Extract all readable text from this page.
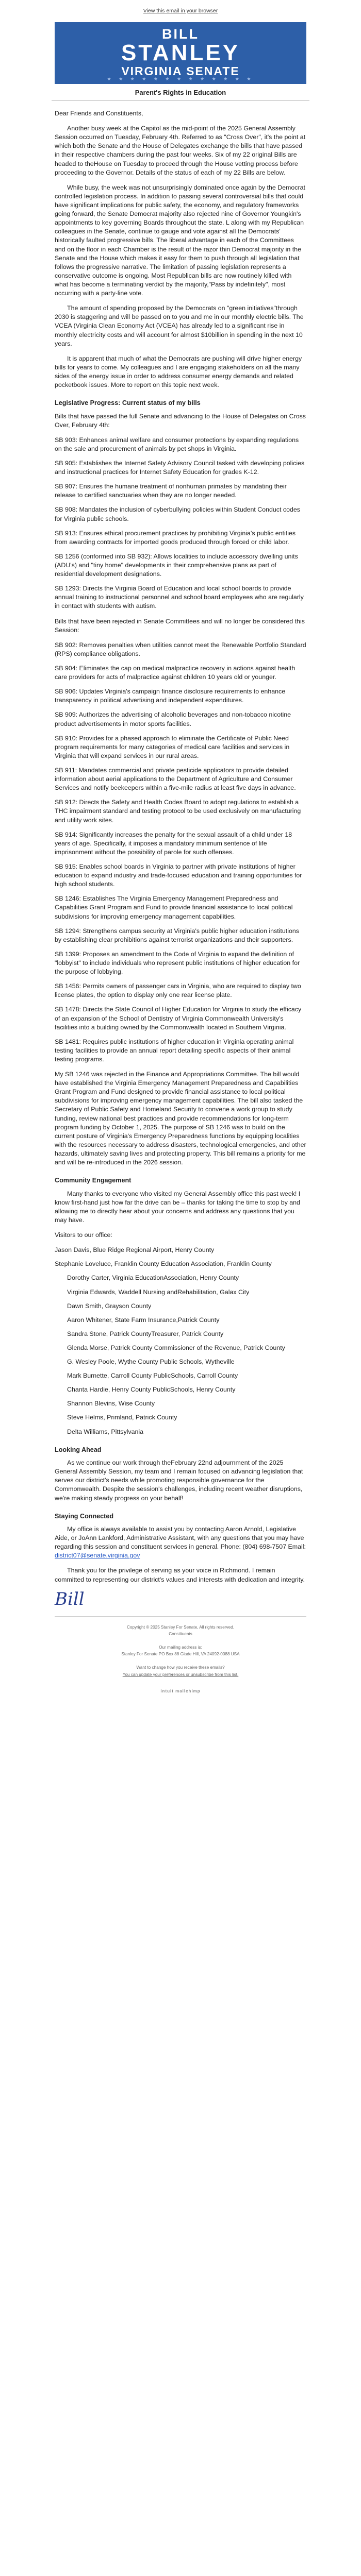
View this email in your browser
BILL
STANLEY
VIRGINIA SENATE
★ ★ ★ ★ ★ ★ ★ ★ ★ ★ ★ ★ ★
Parent's Rights in Education

Dear Friends and Constituents,

Another busy week at the Capitol as the mid-point of the 2025 General Assembly Session occurred on Tuesday, February 4th. Referred to as "Cross Over", it's the point at which both the Senate and the House of Delegates exchange the bills that have passed in their respective chambers during the past four weeks. Six of my 22 original Bills are headed to theHouse on Tuesday to proceed through the House vetting process before proceeding to the Governor. Details of the status of each of my 22 Bills are below.

While busy, the week was not unsurprisingly dominated once again by the Democrat controlled legislation process. In addition to passing several controversial bills that could have significant implications for public safety, the economy, and regulatory frameworks going forward, the Senate Democrat majority also rejected nine of Governor Youngkin's appointments to key governing Boards throughout the state. L along with my Republican colleagues in the Senate, continue to gauge and vote against all the Democrats' historically faulted progressive bills. The liberal advantage in each of the Committees and on the floor in each Chamber is the result of the razor thin Democrat majority in the Senate and the House which makes it easy for them to push through all legislation that follows the progressive narrative. The limitation of passing legislation represents a conservative outcome is ongoing. Most Republican bills are now routinely killed with what has become a terminating verdict by the majority,"Pass by indefinitely", most occurring with a party-line vote.

The amount of spending proposed by the Democrats on "green initiatives"through 2030 is staggering and will be passed on to you and me in our monthly electric bills. The VCEA (Virginia Clean Economy Act (VCEA) has already led to a significant rise in monthly electricity costs and will account for almost $10billion in spending in the next 10 years.

It is apparent that much of what the Democrats are pushing will drive higher energy bills for years to come. My colleagues and I are engaging stakeholders on all the many sides of the energy issue in order to address consumer energy demands and related pocketbook issues. More to report on this topic next week.

Legislative Progress: Current status of my bills

Bills that have passed the full Senate and advancing to the House of Delegates on Cross Over, February 4th:

SB 903: Enhances animal welfare and consumer protections by expanding regulations on the sale and procurement of animals by pet shops in Virginia.

SB 905: Establishes the Internet Safety Advisory Council tasked with developing policies and instructional practices for Internet Safety Education for grades K-12.

SB 907: Ensures the humane treatment of nonhuman primates by mandating their release to certified sanctuaries when they are no longer needed.

SB 908: Mandates the inclusion of cyberbullying policies within Student Conduct codes for Virginia public schools.

SB 913: Ensures ethical procurement practices by prohibiting Virginia's public entities from awarding contracts for imported goods produced through forced or child labor.

SB 1256 (conformed into SB 932): Allows localities to include accessory dwelling units (ADU's) and "tiny home" developments in their comprehensive plans as part of residential development designations.

SB 1293: Directs the Virginia Board of Education and local school boards to provide annual training to instructional personnel and school board employees who are regularly in contact with students with autism.

Bills that have been rejected in Senate Committees and will no longer be considered this Session:

SB 902: Removes penalties when utilities cannot meet the Renewable Portfolio Standard (RPS) compliance obligations.

SB 904: Eliminates the cap on medical malpractice recovery in actions against health care providers for acts of malpractice against children 10 years old or younger.

SB 906: Updates Virginia's campaign finance disclosure requirements to enhance transparency in political advertising and independent expenditures.

SB 909: Authorizes the advertising of alcoholic beverages and non-tobacco nicotine product advertisements in motor sports facilities.

SB 910: Provides for a phased approach to eliminate the Certificate of Public Need program requirements for many categories of medical care facilities and services in Virginia that will expand services in our rural areas.

SB 911: Mandates commercial and private pesticide applicators to provide detailed information about aerial applications to the Department of Agriculture and Consumer Services and notify beekeepers within a five-mile radius at least five days in advance.

SB 912: Directs the Safety and Health Codes Board to adopt regulations to establish a THC impairment standard and testing protocol to be used exclusively on manufacturing and utility work sites.

SB 914: Significantly increases the penalty for the sexual assault of a child under 18 years of age. Specifically, it imposes a mandatory minimum sentence of life imprisonment without the possibility of parole for such offenses.

SB 915: Enables school boards in Virginia to partner with private institutions of higher education to expand industry and trade-focused education and training opportunities for high school students.

SB 1246: Establishes The Virginia Emergency Management Preparedness and Capabilities Grant Program and Fund to provide financial assistance to local political subdivisions for improving emergency management capabilities.

SB 1294: Strengthens campus security at Virginia's public higher education institutions by establishing clear prohibitions against terrorist organizations and their supporters.

SB 1399: Proposes an amendment to the Code of Virginia to expand the definition of "lobbyist" to include individuals who represent public institutions of higher education for the purpose of lobbying.

SB 1456: Permits owners of passenger cars in Virginia, who are required to display two license plates, the option to display only one rear license plate.

SB 1478: Directs the State Council of Higher Education for Virginia to study the efficacy of an expansion of the School of Dentistry of Virginia Commonwealth University's facilities into a building owned by the Commonwealth located in Southern Virginia.

SB 1481: Requires public institutions of higher education in Virginia operating animal testing facilities to provide an annual report detailing specific aspects of their animal testing programs.

My SB 1246 was rejected in the Finance and Appropriations Committee. The bill would have established the Virginia Emergency Management Preparedness and Capabilities Grant Program and Fund designed to provide financial assistance to local political subdivisions for improving emergency management capabilities. The bill also tasked the Secretary of Public Safety and Homeland Security to convene a work group to study funding, review national best practices and provide recommendations for long-term program funding by October 1, 2025. The purpose of SB 1246 was to build on the current posture of Virginia's Emergency Preparedness functions by equipping localities with the resources necessary to address disasters, technological emergencies, and other hazards, ultimately saving lives and protecting property. This bill remains a priority for me and will be re-introduced in the 2026 session.

Community Engagement

Many thanks to everyone who visited my General Assembly office this past week! I know first-hand just how far the drive can be – thanks for taking the time to stop by and allowing me to directly hear about your concerns and address any questions that you may have.

Visitors to our office:

Jason Davis, Blue Ridge Regional Airport, Henry County
Stephanie Loveluce, Franklin County Education Association, Franklin County
Dorothy Carter, Virginia EducationAssociation, Henry County
Virginia Edwards, Waddell Nursing andRehabilitation, Galax City
Dawn Smith, Grayson County
Aaron Whitener, State Farm Insurance,Patrick County
Sandra Stone, Patrick CountyTreasurer, Patrick County
Glenda Morse, Patrick County Commissioner of the Revenue, Patrick County
G. Wesley Poole, Wythe County Public Schools, Wytheville
Mark Burnette, Carroll County PublicSchools, Carroll County
Chanta Hardie, Henry County PublicSchools, Henry County
Shannon Blevins, Wise County
Steve Helms, Primland, Patrick County
Delta Williams, Pittsylvania
Looking Ahead

As we continue our work through theFebruary 22nd adjournment of the 2025 General Assembly Session, my team and I remain focused on advancing legislation that serves our district's needs while promoting responsible governance for the Commonwealth. Despite the session's challenges, including recent weather disruptions, we're making steady progress on your behalf!

Staying Connected

My office is always available to assist you by contacting Aaron Arnold, Legislative Aide, or JoAnn Lankford, Administrative Assistant, with any questions that you may have regarding this session and constituent services in general. Phone: (804) 698-7507 Email: district07@senate.virginia.gov

Thank you for the privilege of serving as your voice in Richmond. I remain committed to representing our district's values and interests with dedication and integrity.

Bill
Copyright © 2025 Stanley For Senate, All rights reserved.
Constituents

Our mailing address is:
Stanley For Senate PO Box 88 Glade Hill, VA 24092-0088 USA

Want to change how you receive these emails?
You can update your preferences or unsubscribe from this list.
intuit mailchimp
